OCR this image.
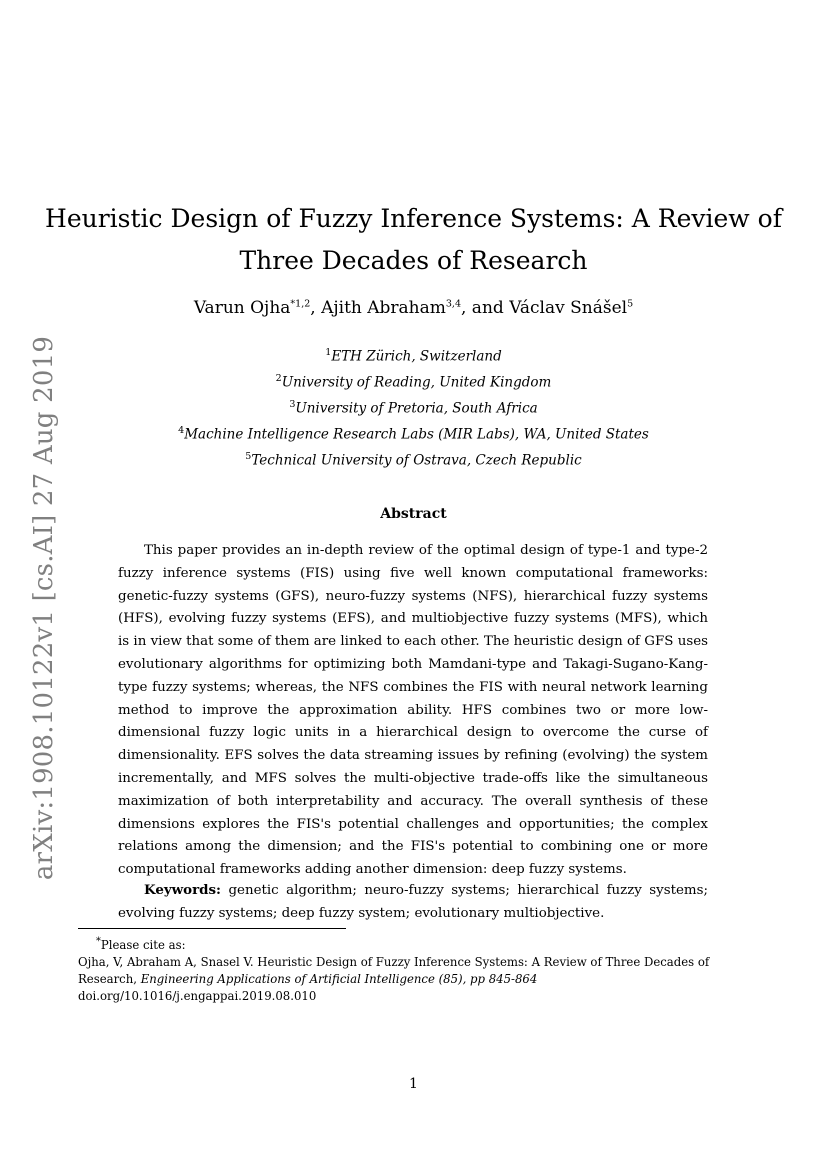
arXiv:1908.10122v1 [cs.AI] 27 Aug 2019
Heuristic Design of Fuzzy Inference Systems: A Review of
Three Decades of Research
Varun Ojha$^{*1,2}$, Ajith Abraham$^{3,4}$, and Václav Snášel$^5$
$^1$ETH Zürich, Switzerland
$^2$University of Reading, United Kingdom
$^3$University of Pretoria, South Africa
$^4$Machine Intelligence Research Labs (MIR Labs), WA, United States
$^5$Technical University of Ostrava, Czech Republic
Abstract
This paper provides an in-depth review of the optimal design of type-1 and type-2 fuzzy inference systems (FIS) using five well known computational frameworks: genetic-fuzzy systems (GFS), neuro-fuzzy systems (NFS), hierarchical fuzzy systems (HFS), evolving fuzzy systems (EFS), and multiobjective fuzzy systems (MFS), which is in view that some of them are linked to each other. The heuristic design of GFS uses evolutionary algorithms for optimizing both Mamdani-type and Takagi-Sugano-Kang-type fuzzy systems; whereas, the NFS combines the FIS with neural network learning method to improve the approximation ability. HFS combines two or more low-dimensional fuzzy logic units in a hierarchical design to overcome the curse of dimensionality. EFS solves the data streaming issues by refining (evolving) the system incrementally, and MFS solves the multi-objective trade-offs like the simultaneous maximization of both interpretability and accuracy. The overall synthesis of these dimensions explores the FIS's potential challenges and opportunities; the complex relations among the dimension; and the FIS's potential to combining one or more computational frameworks adding another dimension: deep fuzzy systems.
Keywords: genetic algorithm; neuro-fuzzy systems; hierarchical fuzzy systems; evolving fuzzy systems; deep fuzzy system; evolutionary multiobjective.
*Please cite as:
Ojha, V, Abraham A, Snasel V. Heuristic Design of Fuzzy Inference Systems: A Review of Three Decades of Research, Engineering Applications of Artificial Intelligence (85), pp 845-864
doi.org/10.1016/j.engappai.2019.08.010
1
